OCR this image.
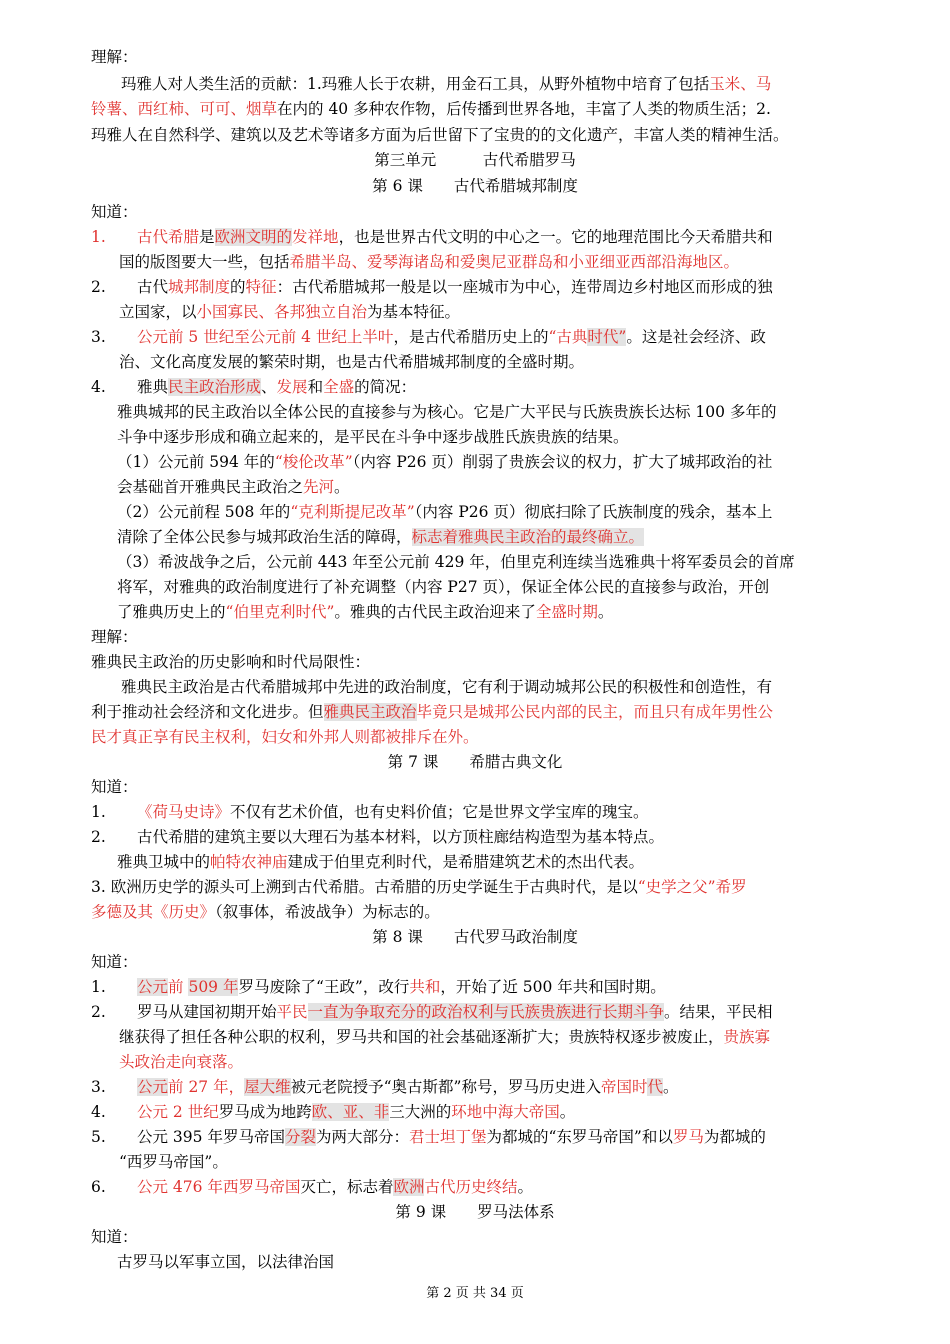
理解：
玛雅人对人类生活的贡献：1.玛雅人长于农耕，用金石工具，从野外植物中培育了包括玉米、马
铃薯、西红柿、可可、烟草在内的 40 多种农作物，后传播到世界各地，丰富了人类的物质生活；2.
玛雅人在自然科学、建筑以及艺术等诸多方面为后世留下了宝贵的的文化遗产，丰富人类的精神生活。
第三单元　　　古代希腊罗马
第 6 课　　古代希腊城邦制度
知道：
1. 古代希腊是欧洲文明的发祥地，也是世界古代文明的中心之一。它的地理范围比今天希腊共和
国的版图要大一些，包括希腊半岛、爱琴海诸岛和爱奥尼亚群岛和小亚细亚西部沿海地区。
2. 古代城邦制度的特征：古代希腊城邦一般是以一座城市为中心，连带周边乡村地区而形成的独
立国家，以小国寡民、各邦独立自治为基本特征。
3. 公元前 5 世纪至公元前 4 世纪上半叶，是古代希腊历史上的“古典时代”。这是社会经济、政
治、文化高度发展的繁荣时期，也是古代希腊城邦制度的全盛时期。
4. 雅典民主政治形成、发展和全盛的简况：
雅典城邦的民主政治以全体公民的直接参与为核心。它是广大平民与氏族贵族长达标 100 多年的
斗争中逐步形成和确立起来的，是平民在斗争中逐步战胜氏族贵族的结果。
（1）公元前 594 年的“梭伦改革”（内容 P26 页）削弱了贵族会议的权力，扩大了城邦政治的社
会基础首开雅典民主政治之先河。
（2）公元前程 508 年的“克利斯提尼改革”（内容 P26 页）彻底扫除了氏族制度的残余，基本上
清除了全体公民参与城邦政治生活的障碍，标志着雅典民主政治的最终确立。
（3）希波战争之后，公元前 443 年至公元前 429 年，伯里克利连续当选雅典十将军委员会的首席
将军，对雅典的政治制度进行了补充调整（内容 P27 页），保证全体公民的直接参与政治，开创
了雅典历史上的“伯里克利时代”。雅典的古代民主政治迎来了全盛时期。
理解：
雅典民主政治的历史影响和时代局限性：
雅典民主政治是古代希腊城邦中先进的政治制度，它有利于调动城邦公民的积极性和创造性，有
利于推动社会经济和文化进步。但雅典民主政治毕竟只是城邦公民内部的民主，而且只有成年男性公
民才真正享有民主权利，妇女和外邦人则都被排斥在外。
第 7 课　　希腊古典文化
知道：
1. 《荷马史诗》不仅有艺术价值，也有史料价值；它是世界文学宝库的瑰宝。
2. 古代希腊的建筑主要以大理石为基本材料，以方顶柱廊结构造型为基本特点。
雅典卫城中的帕特农神庙建成于伯里克利时代，是希腊建筑艺术的杰出代表。
3. 欧洲历史学的源头可上溯到古代希腊。古希腊的历史学诞生于古典时代，是以“史学之父”希罗
多德及其《历史》（叙事体，希波战争）为标志的。
第 8 课　　古代罗马政治制度
知道：
1. 公元前 509 年罗马废除了“王政”，改行共和，开始了近 500 年共和国时期。
2. 罗马从建国初期开始平民一直为争取充分的政治权利与氏族贵族进行长期斗争。结果，平民相
继获得了担任各种公职的权利，罗马共和国的社会基础逐渐扩大；贵族特权逐步被废止，贵族寡
头政治走向衰落。
3. 公元前 27 年，屋大维被元老院授予“奥古斯都”称号，罗马历史进入帝国时代。
4. 公元 2 世纪罗马成为地跨欧、亚、非三大洲的环地中海大帝国。
5. 公元 395 年罗马帝国分裂为两大部分：君士坦丁堡为都城的“东罗马帝国”和以罗马为都城的
“西罗马帝国”。
6. 公元 476 年西罗马帝国灭亡，标志着欧洲古代历史终结。
第 9 课　　罗马法体系
知道：
古罗马以军事立国，以法律治国
第 2 页 共 34 页
